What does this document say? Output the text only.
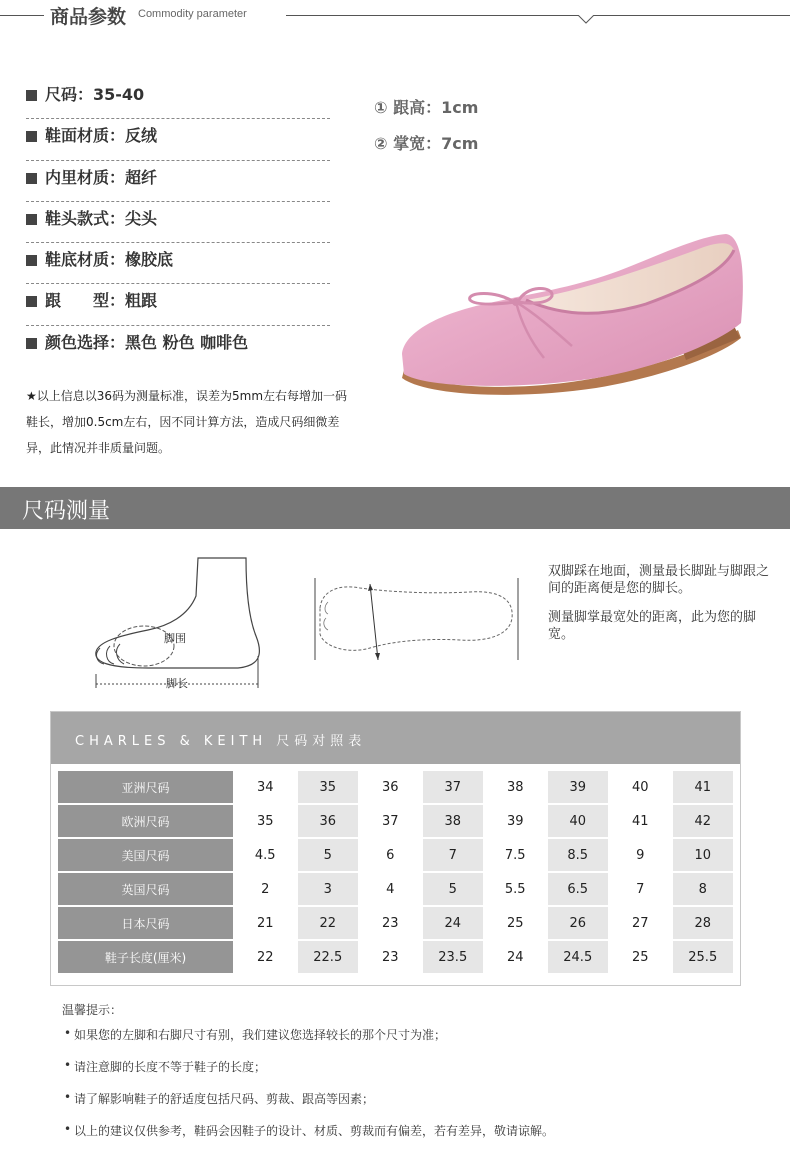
商品参数 Commodity parameter
尺码：35-40
鞋面材质：反绒
内里材质：超纤
鞋头款式：尖头
鞋底材质：橡胶底
跟　　型：粗跟
颜色选择：黑色 粉色 咖啡色
① 跟高：1cm
② 掌宽：7cm
★以上信息以36码为测量标准，误差为5mm左右每增加一码鞋长，增加0.5cm左右，因不同计算方法，造成尺码细微差异，此情况并非质量问题。
尺码测量
脚围
脚长

双脚踩在地面，测量最长脚趾与脚跟之间的距离便是您的脚长。

测量脚掌最宽处的距离，此为您的脚宽。

CHARLES & KEITH 尺码对照表
亚洲尺码	34	35	36	37	38	39	40	41
欧洲尺码	35	36	37	38	39	40	41	42
美国尺码	4.5	5	6	7	7.5	8.5	9	10
英国尺码	2	3	4	5	5.5	6.5	7	8
日本尺码	21	22	23	24	25	26	27	28
鞋子长度(厘米)	22	22.5	23	23.5	24	24.5	25	25.5
温馨提示：
• 如果您的左脚和右脚尺寸有别，我们建议您选择较长的那个尺寸为准；
• 请注意脚的长度不等于鞋子的长度；
• 请了解影响鞋子的舒适度包括尺码、剪裁、跟高等因素；
• 以上的建议仅供参考，鞋码会因鞋子的设计、材质、剪裁而有偏差，若有差异，敬请谅解。
